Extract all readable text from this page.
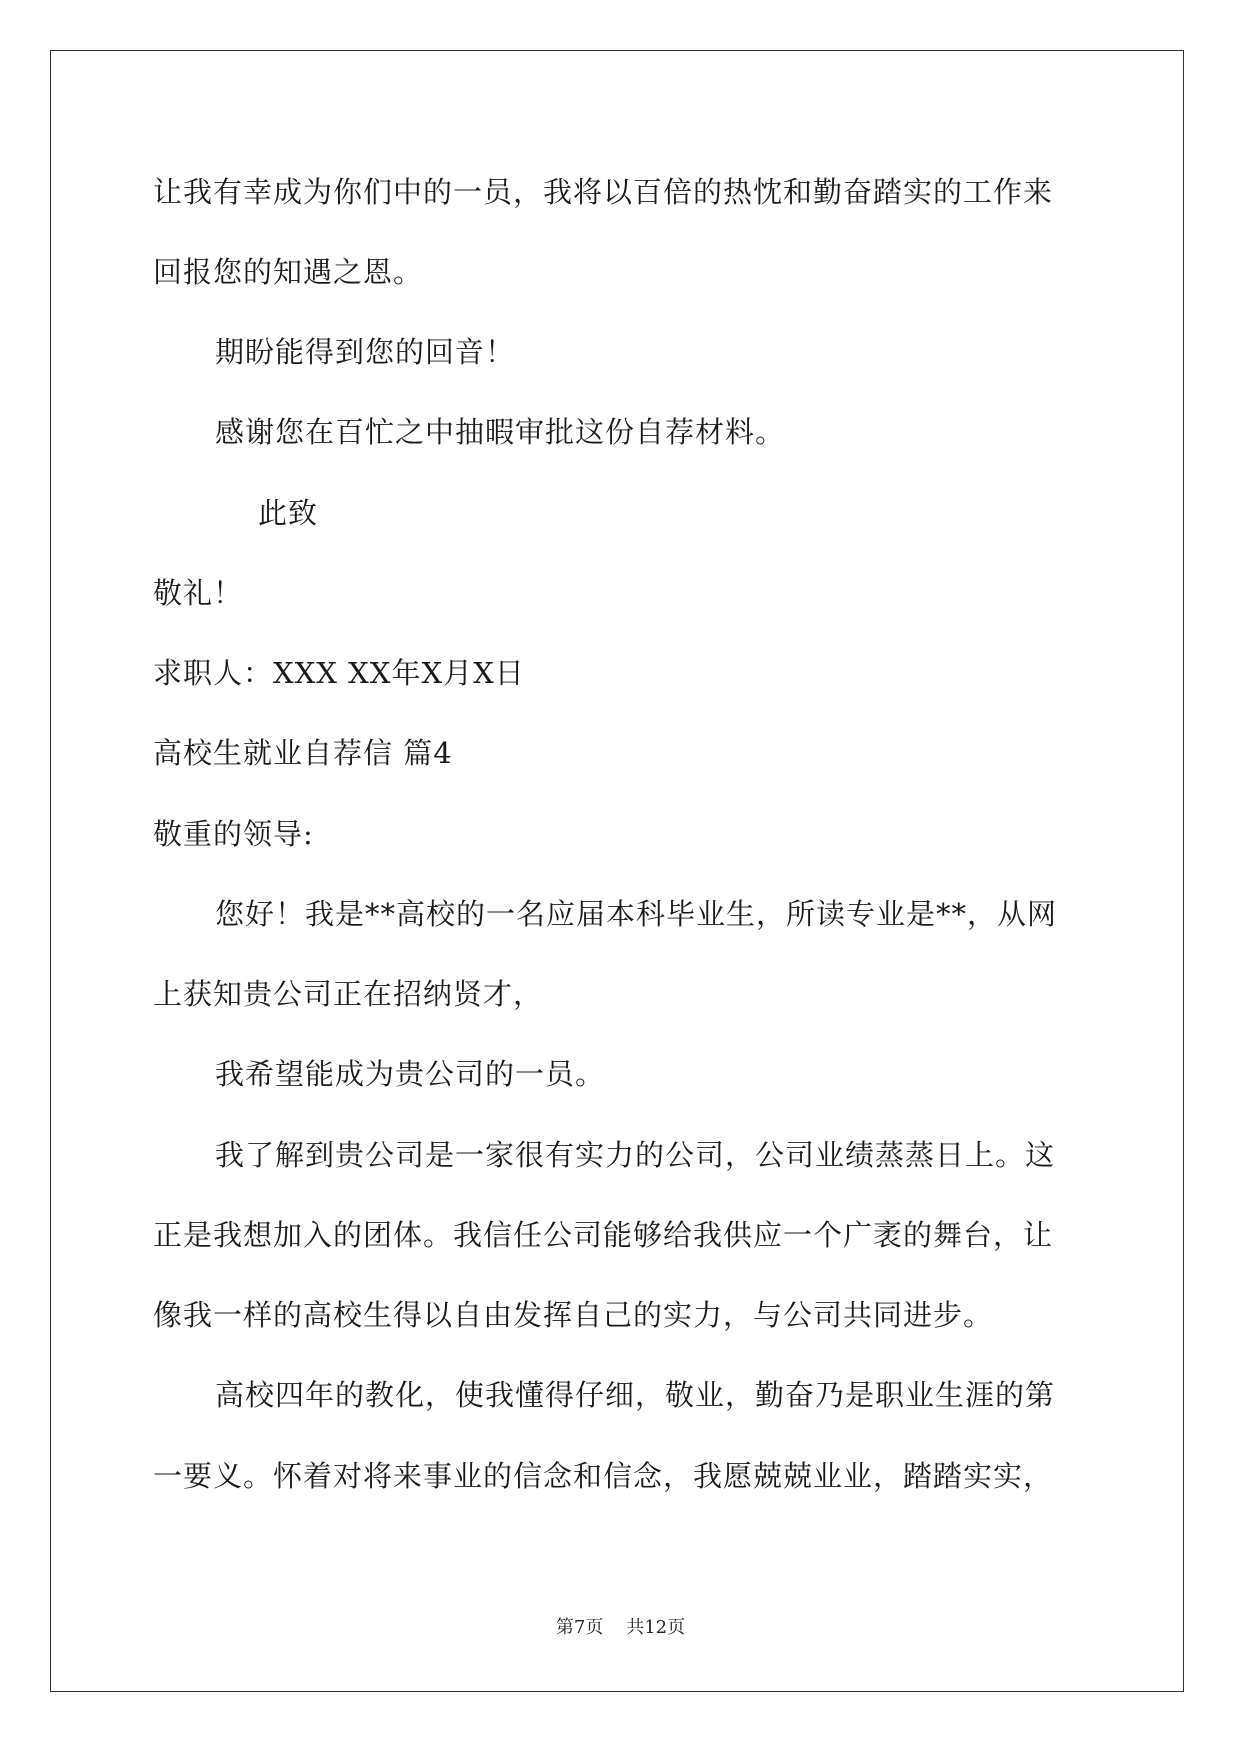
让我有幸成为你们中的一员，我将以百倍的热忱和勤奋踏实的工作来
回报您的知遇之恩。
期盼能得到您的回音！
感谢您在百忙之中抽暇审批这份自荐材料。
此致
敬礼！
求职人：XXX XX年X月X日
高校生就业自荐信 篇4
敬重的领导:
您好！我是**高校的一名应届本科毕业生，所读专业是**，从网
上获知贵公司正在招纳贤才，
我希望能成为贵公司的一员。
我了解到贵公司是一家很有实力的公司，公司业绩蒸蒸日上。这
正是我想加入的团体。我信任公司能够给我供应一个广袤的舞台，让
像我一样的高校生得以自由发挥自己的实力，与公司共同进步。
高校四年的教化，使我懂得仔细，敬业，勤奋乃是职业生涯的第
一要义。怀着对将来事业的信念和信念，我愿兢兢业业，踏踏实实，
第7页 共12页
